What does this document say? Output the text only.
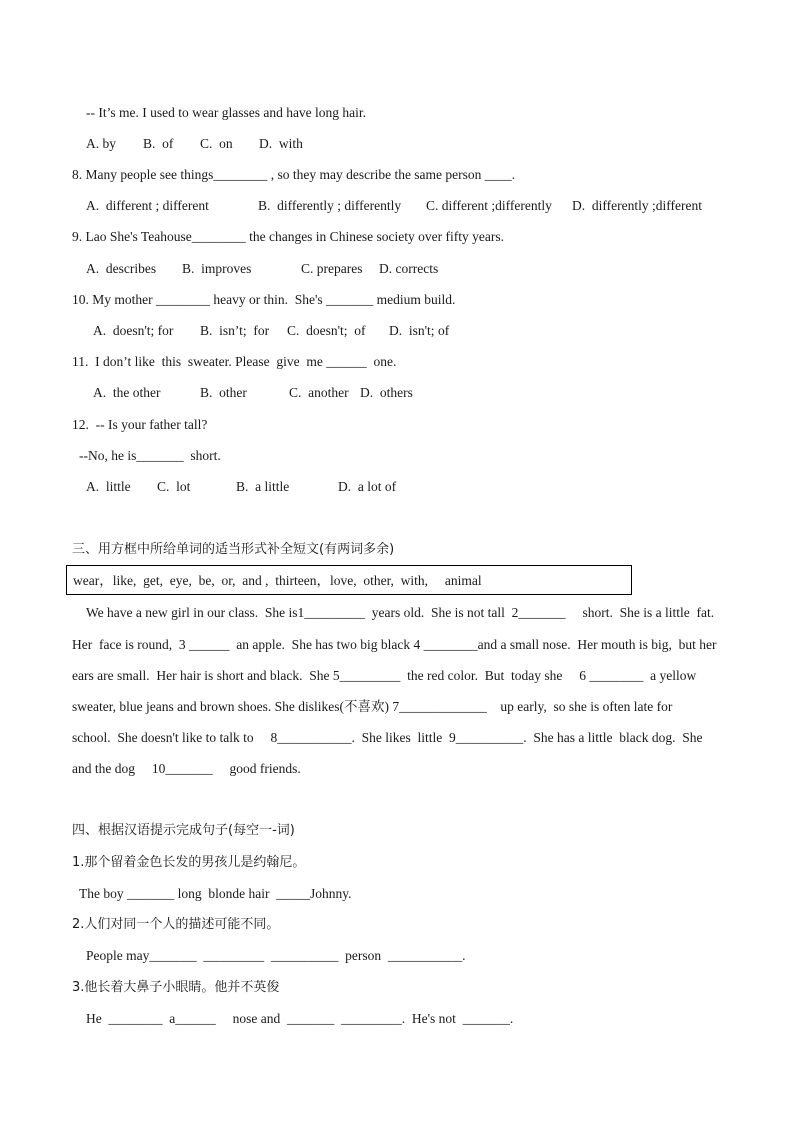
-- It’s me. I used to wear glasses and have long hair.
A. by B.  of C.  on D.  with
8. Many people see things________ , so they may describe the same person ____.
A.  different ; different	B.  differently ; differently C. different ;differently D.  differently ;different
9. Lao She's Teahouse________ the changes in Chinese society over fifty years.
A.  describes B.  improves	C. prepares D. corrects
10. My mother ________ heavy or thin.  She's _______ medium build.
A.  doesn't; for B.  isn’t;  for C.  doesn't;  of D.  isn't; of
11.  I don’t like  this  sweater. Please  give  me ______  one.
A.  the other	B.  other	C.  another D.  others
12.  -- Is your father tall?
--No, he is_______  short.
A.  little C.  lot	B.  a little	D.  a lot of
三、用方框中所给单词的适当形式补全短文(有两词多余)
wear，like,  get,  eye,  be,  or,  and ,  thirteen，love,  other,  with,     animal
We have a new girl in our class.  She is1_________  years old.  She is not tall  2_______     short.  She is a little  fat.
Her  face is round,  3 ______  an apple.  She has two big black 4 ________and a small nose.  Her mouth is big,  but her
ears are small.  Her hair is short and black.  She 5_________  the red color.  But  today she     6 ________  a yellow
sweater, blue jeans and brown shoes. She dislikes(不喜欢) 7_____________    up early,  so she is often late for
school.  She doesn't like to talk to     8___________.  She likes  little  9__________.  She has a little  black dog.  She
and the dog     10_______     good friends.
四、根据汉语提示完成句子(每空一-词)
1.那个留着金色长发的男孩儿是约翰尼。
The boy _______ long  blonde hair  _____Johnny.
2.人们对同一个人的描述可能不同。
People may_______  _________  __________  person  ___________.
3.他长着大鼻子小眼睛。他并不英俊
He  ________  a______     nose and  _______  _________.  He's not  _______.
